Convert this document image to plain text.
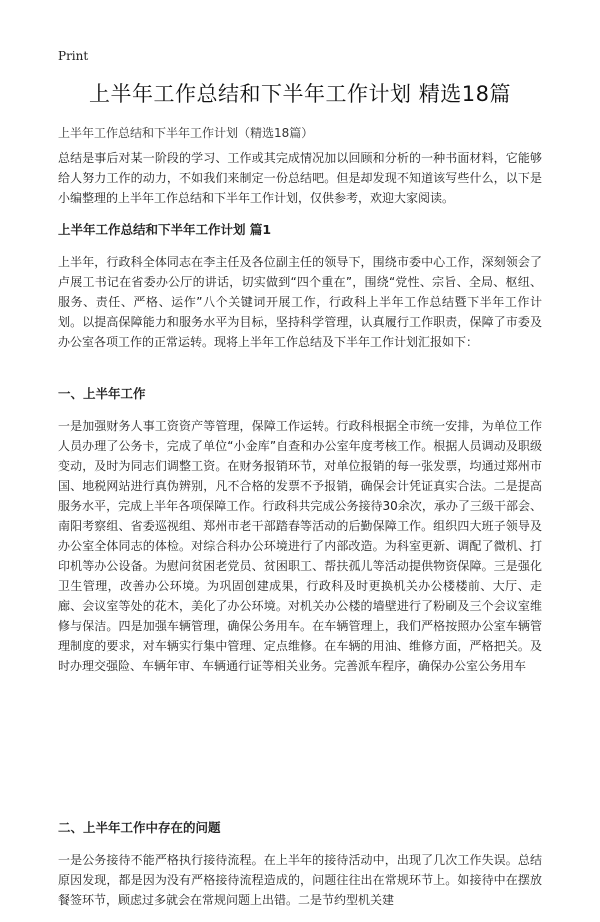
Print
上半年工作总结和下半年工作计划 精选18篇
上半年工作总结和下半年工作计划（精选18篇）

总结是事后对某一阶段的学习、工作或其完成情况加以回顾和分析的一种书面材料，它能够给人努力工作的动力，不如我们来制定一份总结吧。但是却发现不知道该写些什么，以下是小编整理的上半年工作总结和下半年工作计划，仅供参考，欢迎大家阅读。

上半年工作总结和下半年工作计划 篇1

上半年，行政科全体同志在李主任及各位副主任的领导下，围绕市委中心工作，深刻领会了卢展工书记在省委办公厅的讲话，切实做到“四个重在”，围绕“党性、宗旨、全局、枢纽、服务、责任、严格、运作”八个关键词开展工作，行政科上半年工作总结暨下半年工作计划。以提高保障能力和服务水平为目标，坚持科学管理，认真履行工作职责，保障了市委及办公室各项工作的正常运转。现将上半年工作总结及下半年工作计划汇报如下：

一、上半年工作

一是加强财务人事工资资产等管理，保障工作运转。行政科根据全市统一安排，为单位工作人员办理了公务卡，完成了单位“小金库”自查和办公室年度考核工作。根据人员调动及职级变动，及时为同志们调整工资。在财务报销环节，对单位报销的每一张发票，均通过郑州市国、地税网站进行真伪辨别，凡不合格的发票不予报销，确保会计凭证真实合法。二是提高服务水平，完成上半年各项保障工作。行政科共完成公务接待30余次，承办了三级干部会、南阳考察组、省委巡视组、郑州市老干部踏春等活动的后勤保障工作。组织四大班子领导及办公室全体同志的体检。对综合科办公环境进行了内部改造。为科室更新、调配了微机、打印机等办公设备。为慰问贫困老党员、贫困职工、帮扶孤儿等活动提供物资保障。三是强化卫生管理，改善办公环境。为巩固创建成果，行政科及时更换机关办公楼楼前、大厅、走廊、会议室等处的花木，美化了办公环境。对机关办公楼的墙壁进行了粉刷及三个会议室维修与保洁。四是加强车辆管理，确保公务用车。在车辆管理上，我们严格按照办公室车辆管理制度的要求，对车辆实行集中管理、定点维修。在车辆的用油、维修方面，严格把关。及时办理交强险、车辆年审、车辆通行证等相关业务。完善派车程序，确保办公室公务用车

二、上半年工作中存在的问题

一是公务接待不能严格执行接待流程。在上半年的接待活动中，出现了几次工作失误。总结原因发现，都是因为没有严格接待流程造成的，问题往往出在常规环节上。如接待中在摆放餐签环节，顾虑过多就会在常规问题上出错。二是节约型机关建
